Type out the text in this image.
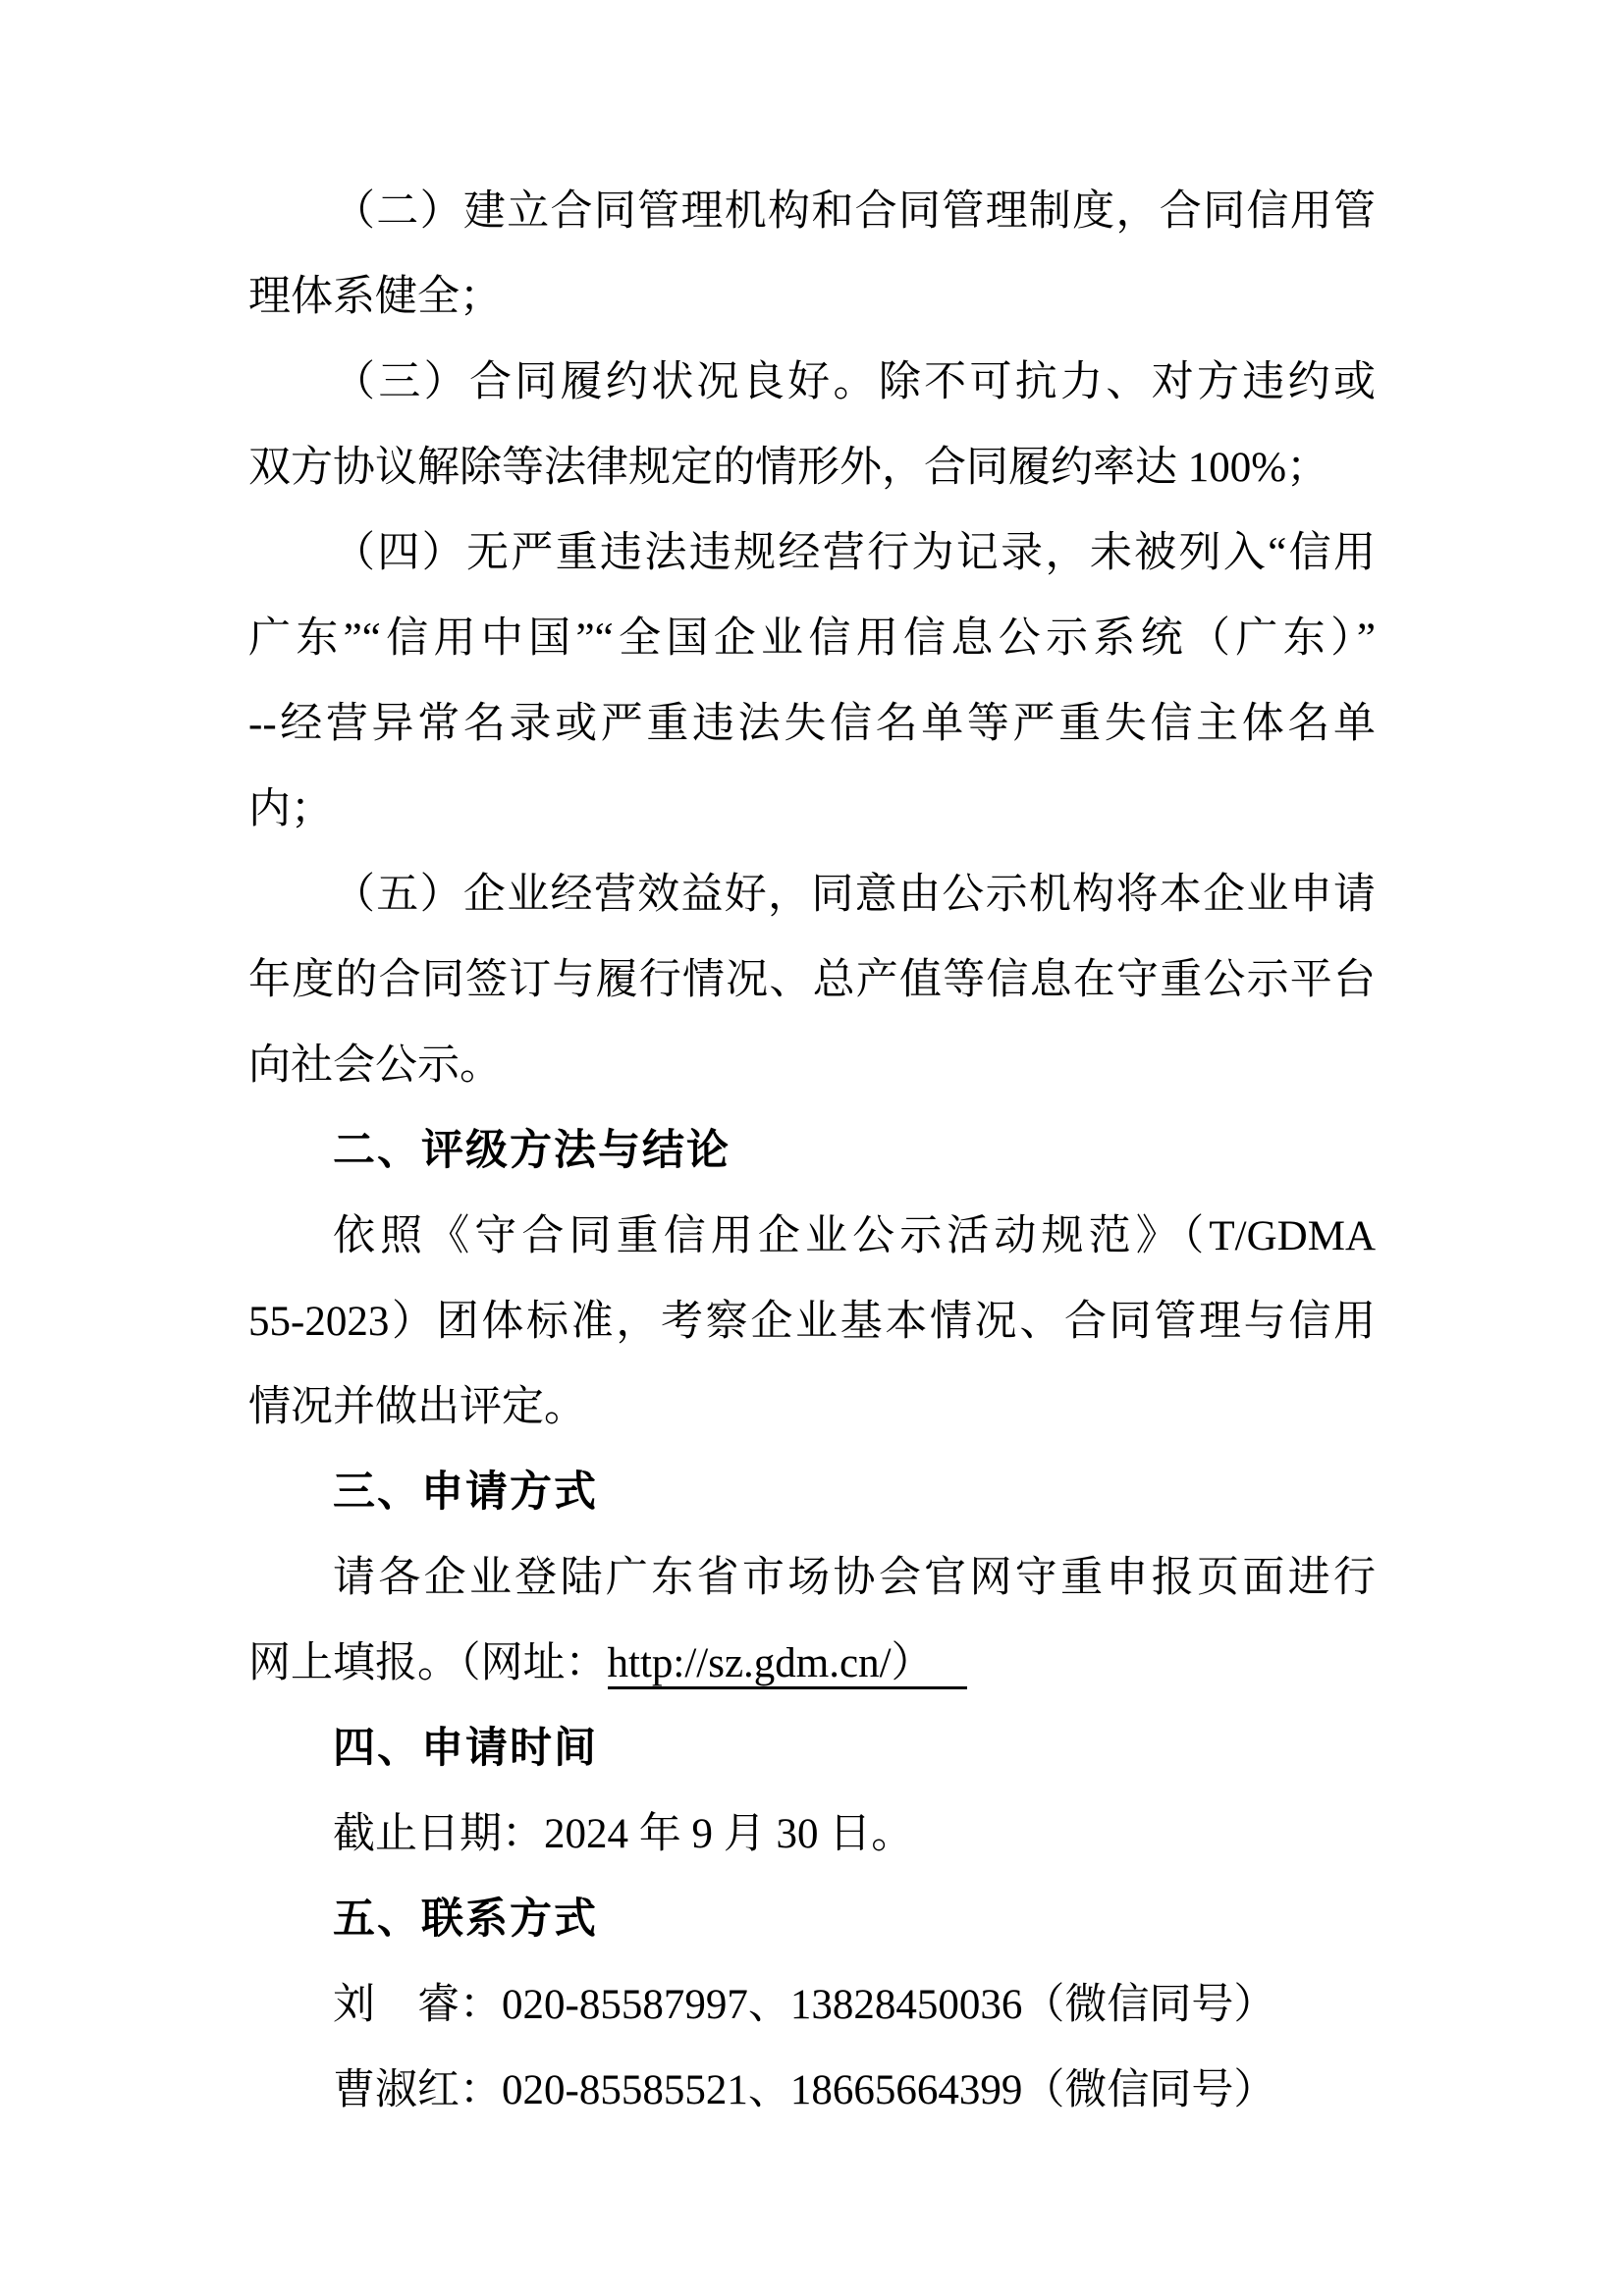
（二）建立合同管理机构和合同管理制度，合同信用管
理体系健全；
（三）合同履约状况良好。除不可抗力、对方违约或
双方协议解除等法律规定的情形外，合同履约率达 100%；
（四）无严重违法违规经营行为记录，未被列入“信用
广东”“信用中国”“全国企业信用信息公示系统（广东）”
--经营异常名录或严重违法失信名单等严重失信主体名单
内；
（五）企业经营效益好，同意由公示机构将本企业申请
年度的合同签订与履行情况、总产值等信息在守重公示平台
向社会公示。
二、评级方法与结论
依照《守合同重信用企业公示活动规范》（T/GDMA
55-2023）团体标准，考察企业基本情况、合同管理与信用
情况并做出评定。
三、申请方式
请各企业登陆广东省市场协会官网守重申报页面进行
网上填报。（网址：http://sz.gdm.cn/）
四、申请时间
截止日期：2024 年 9 月 30 日。
五、联系方式
刘　睿：020-85587997、13828450036（微信同号）
曹淑红：020-85585521、18665664399（微信同号）
